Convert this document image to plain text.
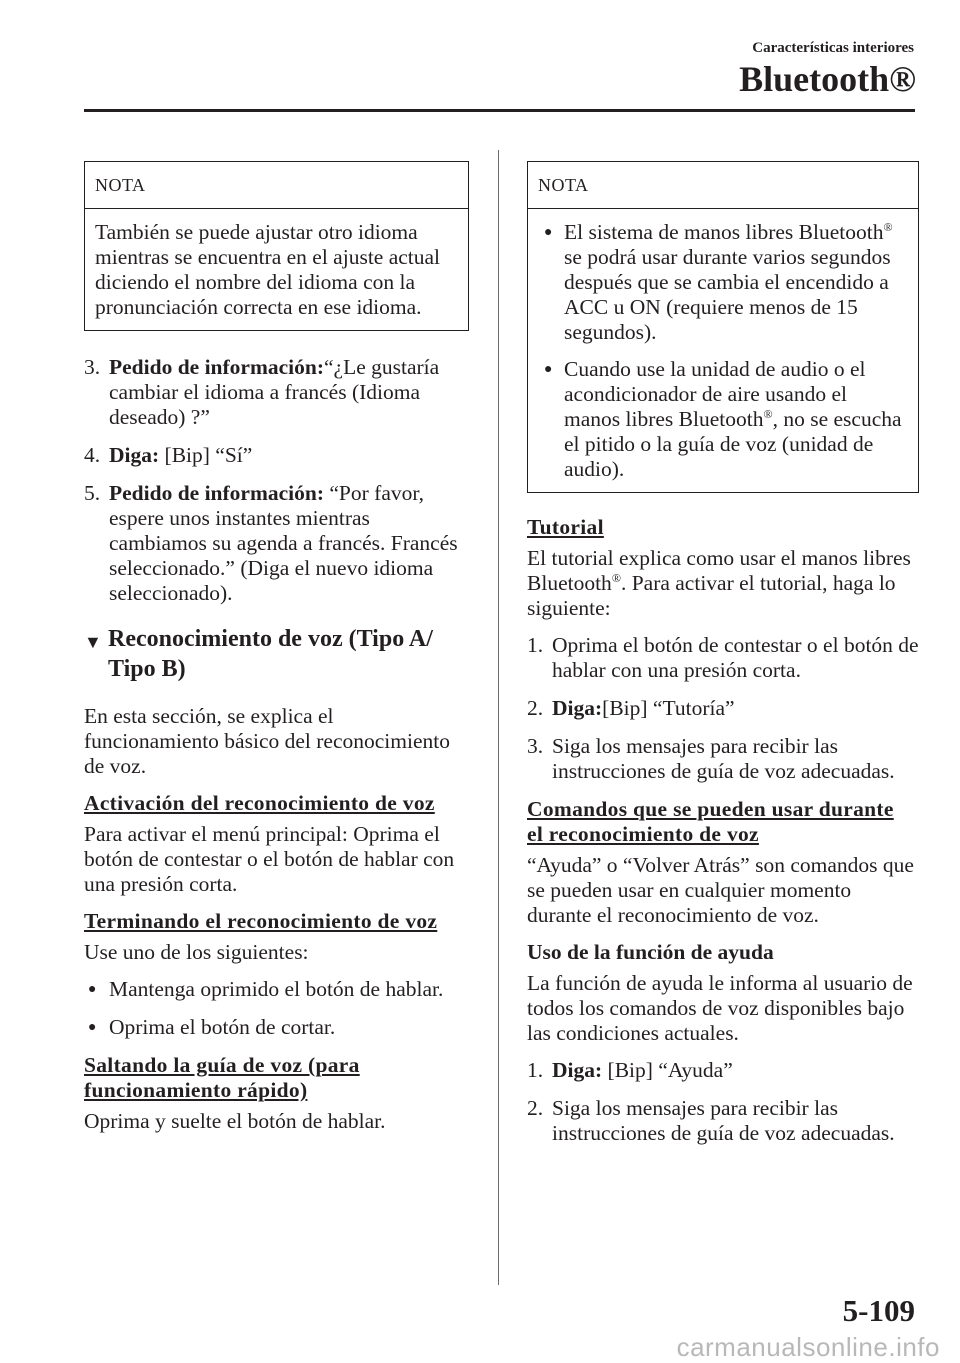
Características interiores
Bluetooth®
NOTA

También se puede ajustar otro idioma mientras se encuentra en el ajuste actual diciendo el nombre del idioma con la pronunciación correcta en ese idioma.

3. Pedido de información:“¿Le gustaría cambiar el idioma a francés (Idioma deseado) ?”
4. Diga: [Bip] “Sí”
5. Pedido de información: “Por favor, espere unos instantes mientras cambiamos su agenda a francés. Francés seleccionado.” (Diga el nuevo idioma seleccionado).
▼ Reconocimiento de voz (Tipo A/ Tipo B)

En esta sección, se explica el funcionamiento básico del reconocimiento de voz.

Activación del reconocimiento de voz

Para activar el menú principal: Oprima el botón de contestar o el botón de hablar con una presión corta.

Terminando el reconocimiento de voz

Use uno de los siguientes:

● Mantenga oprimido el botón de hablar.
● Oprima el botón de cortar.
Saltando la guía de voz (para
funcionamiento rápido)

Oprima y suelte el botón de hablar.

NOTA
● El sistema de manos libres Bluetooth® se podrá usar durante varios segundos después que se cambia el encendido a ACC u ON (requiere menos de 15 segundos).
● Cuando use la unidad de audio o el acondicionador de aire usando el manos libres Bluetooth®, no se escucha el pitido o la guía de voz (unidad de audio).
Tutorial

El tutorial explica como usar el manos libres Bluetooth®. Para activar el tutorial, haga lo siguiente:

1. Oprima el botón de contestar o el botón de hablar con una presión corta.
2. Diga:[Bip] “Tutoría”
3. Siga los mensajes para recibir las instrucciones de guía de voz adecuadas.
Comandos que se pueden usar durante
el reconocimiento de voz

“Ayuda” o “Volver Atrás” son comandos que se pueden usar en cualquier momento durante el reconocimiento de voz.

Uso de la función de ayuda

La función de ayuda le informa al usuario de todos los comandos de voz disponibles bajo las condiciones actuales.

1. Diga: [Bip] “Ayuda”
2. Siga los mensajes para recibir las instrucciones de guía de voz adecuadas.
5-109
carmanualsonline.info
